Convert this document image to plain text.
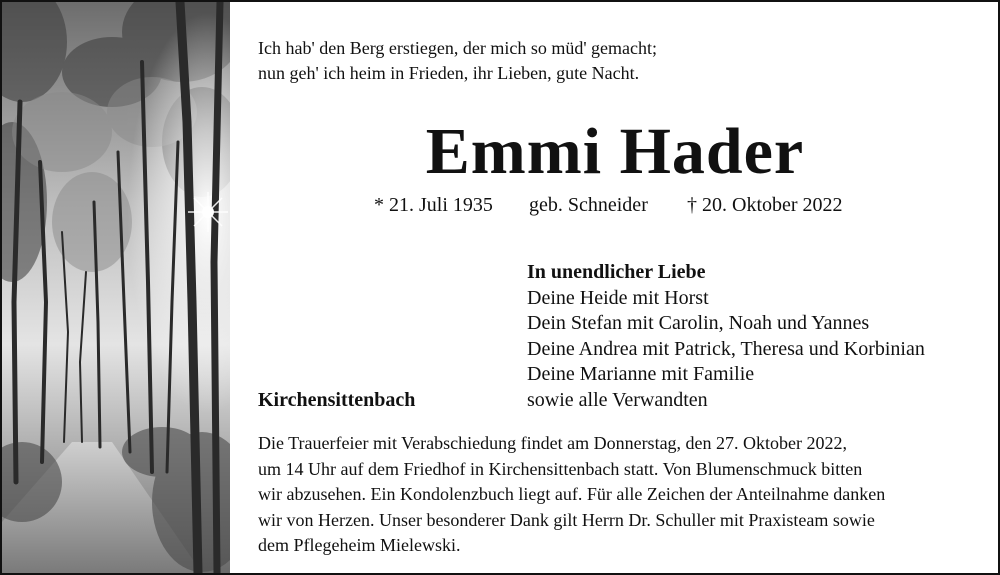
Ich hab' den Berg erstiegen, der mich so müd' gemacht;
nun geh' ich heim in Frieden, ihr Lieben, gute Nacht.
Emmi Hader
* 21. Juli 1935 geb. Schneider † 20. Oktober 2022
In unendlicher Liebe
Deine Heide mit Horst
Dein Stefan mit Carolin, Noah und Yannes
Deine Andrea mit Patrick, Theresa und Korbinian
Deine Marianne mit Familie
sowie alle Verwandten
Kirchensittenbach
Die Trauerfeier mit Verabschiedung findet am Donnerstag, den 27. Oktober 2022,
um 14 Uhr auf dem Friedhof in Kirchensittenbach statt. Von Blumenschmuck bitten
wir abzusehen. Ein Kondolenzbuch liegt auf. Für alle Zeichen der Anteilnahme danken
wir von Herzen. Unser besonderer Dank gilt Herrn Dr. Schuller mit Praxisteam sowie
dem Pflegeheim Mielewski.
